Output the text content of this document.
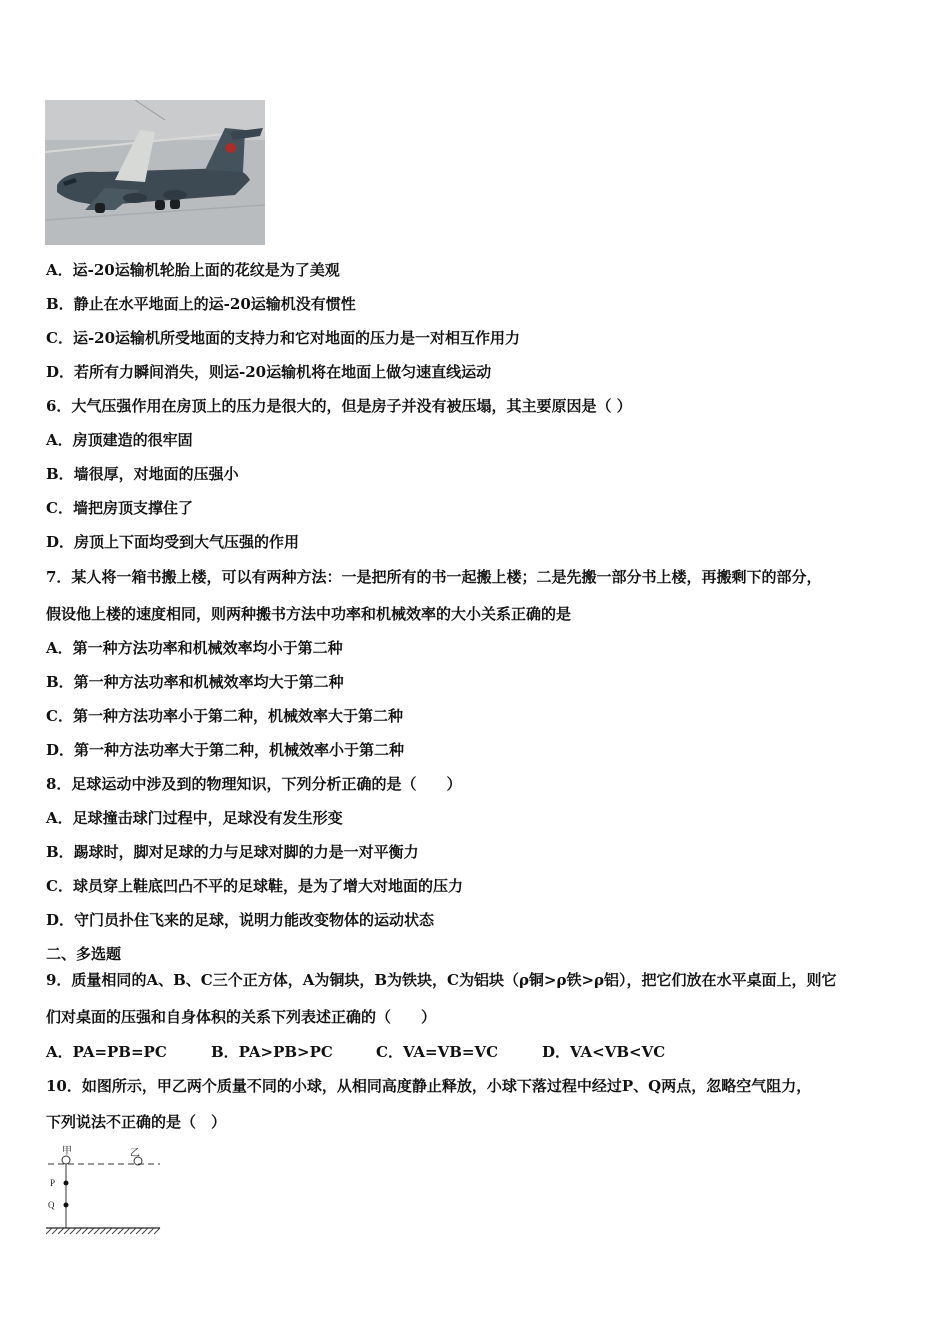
A．运-20运输机轮胎上面的花纹是为了美观
B．静止在水平地面上的运-20运输机没有惯性
C．运-20运输机所受地面的支持力和它对地面的压力是一对相互作用力
D．若所有力瞬间消失，则运-20运输机将在地面上做匀速直线运动
6．大气压强作用在房顶上的压力是很大的，但是房子并没有被压塌，其主要原因是（ ）
A．房顶建造的很牢固
B．墙很厚，对地面的压强小
C．墙把房顶支撑住了
D．房顶上下面均受到大气压强的作用
7．某人将一箱书搬上楼，可以有两种方法：一是把所有的书一起搬上楼；二是先搬一部分书上楼，再搬剩下的部分，
假设他上楼的速度相同，则两种搬书方法中功率和机械效率的大小关系正确的是
A．第一种方法功率和机械效率均小于第二种
B．第一种方法功率和机械效率均大于第二种
C．第一种方法功率小于第二种，机械效率大于第二种
D．第一种方法功率大于第二种，机械效率小于第二种
8．足球运动中涉及到的物理知识，下列分析正确的是（　　）
A．足球撞击球门过程中，足球没有发生形变
B．踢球时，脚对足球的力与足球对脚的力是一对平衡力
C．球员穿上鞋底凹凸不平的足球鞋，是为了增大对地面的压力
D．守门员扑住飞来的足球，说明力能改变物体的运动状态
二、多选题
9．质量相同的A、B、C三个正方体，A为铜块，B为铁块，C为铝块（ρ铜>ρ铁>ρ铝），把它们放在水平桌面上，则它
们对桌面的压强和自身体积的关系下列表述正确的（　　）
A．PA=PB=PC	B．PA>PB>PC	C．VA=VB=VC	D．VA<VB<VC
10．如图所示，甲乙两个质量不同的小球，从相同高度静止释放，小球下落过程中经过P、Q两点，忽略空气阻力，
下列说法不正确的是（　）
甲	乙
P
Q
